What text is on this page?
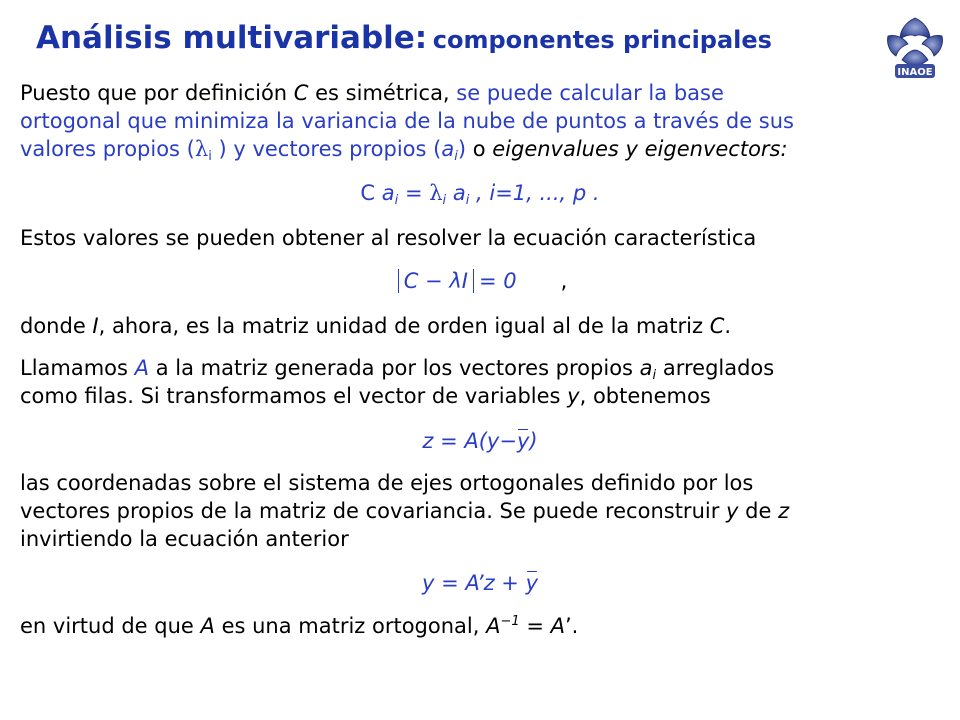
Análisis multivariable: componentes principales
INAOE
Puesto que por definición C es simétrica, se puede calcular la base
ortogonal que minimiza la variancia de la nube de puntos a través de sus
valores propios ($\lambda_i$ ) y vectores propios $(a_i)$ o eigenvalues y eigenvectors:
C $a_i = \lambda_i$ $a_i$ , i=1, ..., p .
Estos valores se pueden obtener al resolver la ecuación característica
C − λI = 0 ,
donde I, ahora, es la matriz unidad de orden igual al de la matriz C.
Llamamos A a la matriz generada por los vectores propios $a_i$ arreglados
como filas. Si transformamos el vector de variables y, obtenemos
z = A(y−y)
las coordenadas sobre el sistema de ejes ortogonales definido por los
vectores propios de la matriz de covariancia. Se puede reconstruir y de z
invirtiendo la ecuación anterior
y = A’z + y
en virtud de que A es una matriz ortogonal, $A^{-1} = A$’.
